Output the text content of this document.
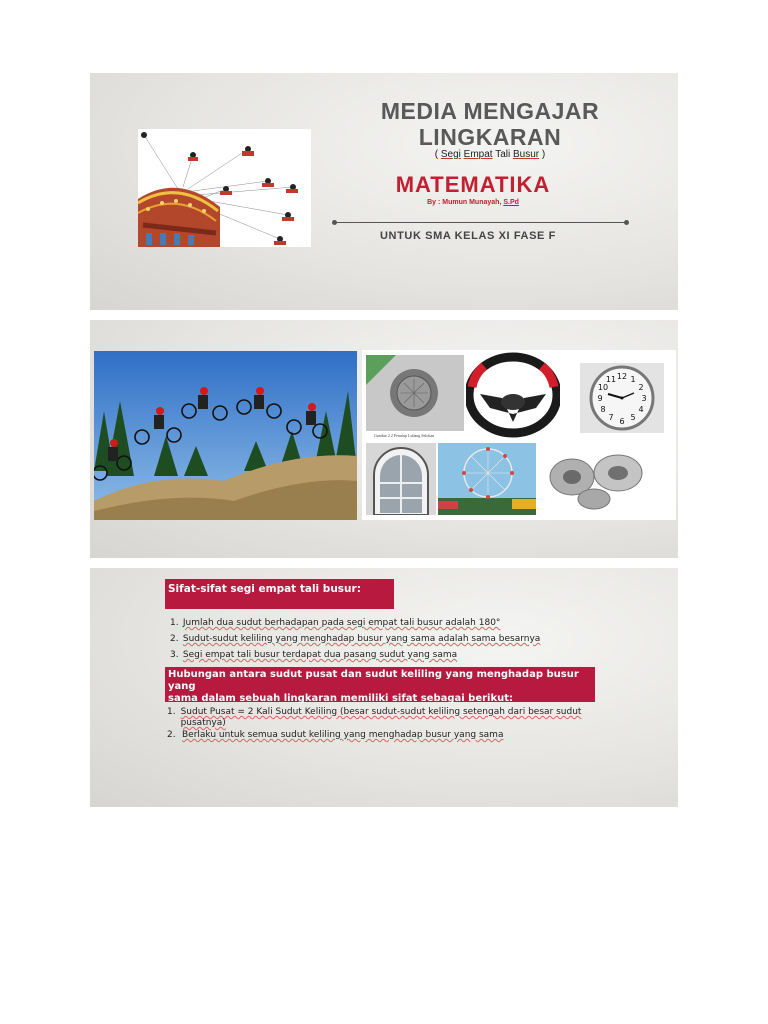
MEDIA MENGAJAR
LINGKARAN
( Segi Empat Tali Busur )
MATEMATIKA
By : Mumun Munayah, S.Pd
UNTUK SMA KELAS XI FASE F
Gambar 2.2 Penutup Lubang Selokan
12 1
2
3
4
5
6
7
8
9
10
11
Sifat-sifat segi empat tali busur:
1. Jumlah dua sudut berhadapan pada segi empat tali busur adalah 180°
2. Sudut-sudut keliling yang menghadap busur yang sama adalah sama besarnya
3. Segi empat tali busur terdapat dua pasang sudut yang sama
Hubungan antara sudut pusat dan sudut keliling yang menghadap busur yang
sama dalam sebuah lingkaran memiliki sifat sebagai berikut:
1. Sudut Pusat = 2 Kali Sudut Keliling (besar sudut-sudut keliling setengah dari besar sudut pusatnya)
2. Berlaku untuk semua sudut keliling yang menghadap busur yang sama
